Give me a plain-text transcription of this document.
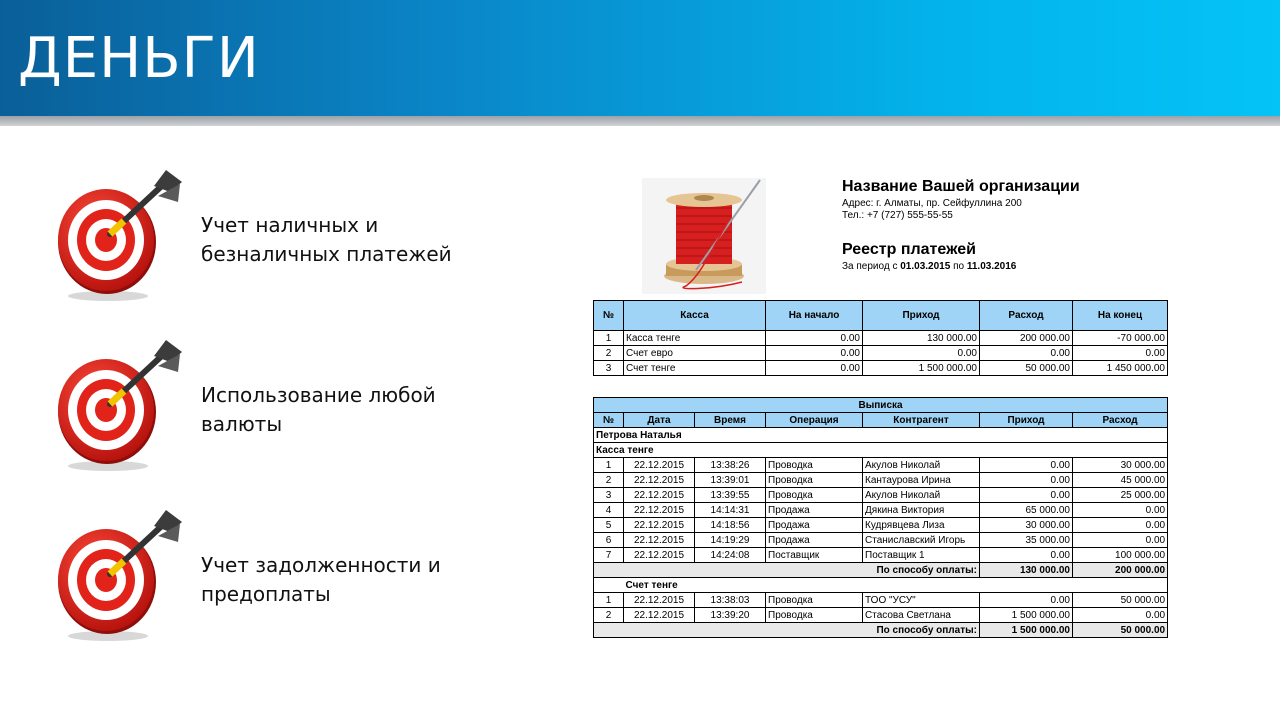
ДЕНЬГИ
Учет наличных и
безналичных платежей
Использование любой
валюты
Учет задолженности и
предоплаты
Название Вашей организации
Адрес: г. Алматы, пр. Сейфуллина 200
Тел.: +7 (727) 555-55-55
Реестр платежей
За период с 01.03.2015 по 11.03.2016
№	Касса	На начало	Приход	Расход	На конец
1	Касса тенге	0.00	130 000.00	200 000.00	-70 000.00
2	Счет евро	0.00	0.00	0.00	0.00
3	Счет тенге	0.00	1 500 000.00	50 000.00	1 450 000.00
Выписка						
№	Дата	Время	Операция	Контрагент	Приход	Расход
Петрова Наталья						
Касса тенге						
1	22.12.2015	13:38:26	Проводка	Акулов Николай	0.00	30 000.00
2	22.12.2015	13:39:01	Проводка	Кантаурова Ирина	0.00	45 000.00
3	22.12.2015	13:39:55	Проводка	Акулов Николай	0.00	25 000.00
4	22.12.2015	14:14:31	Продажа	Дякина Виктория	65 000.00	0.00
5	22.12.2015	14:18:56	Продажа	Кудрявцева Лиза	30 000.00	0.00
6	22.12.2015	14:19:29	Продажа	Станиславский Игорь	35 000.00	0.00
7	22.12.2015	14:24:08	Поставщик	Поставщик 1	0.00	100 000.00
По способу оплаты:					130 000.00	200 000.00
	Счет тенге					
1	22.12.2015	13:38:03	Проводка	ТОО "УСУ"	0.00	50 000.00
2	22.12.2015	13:39:20	Проводка	Стасова Светлана	1 500 000.00	0.00
По способу оплаты:					1 500 000.00	50 000.00
